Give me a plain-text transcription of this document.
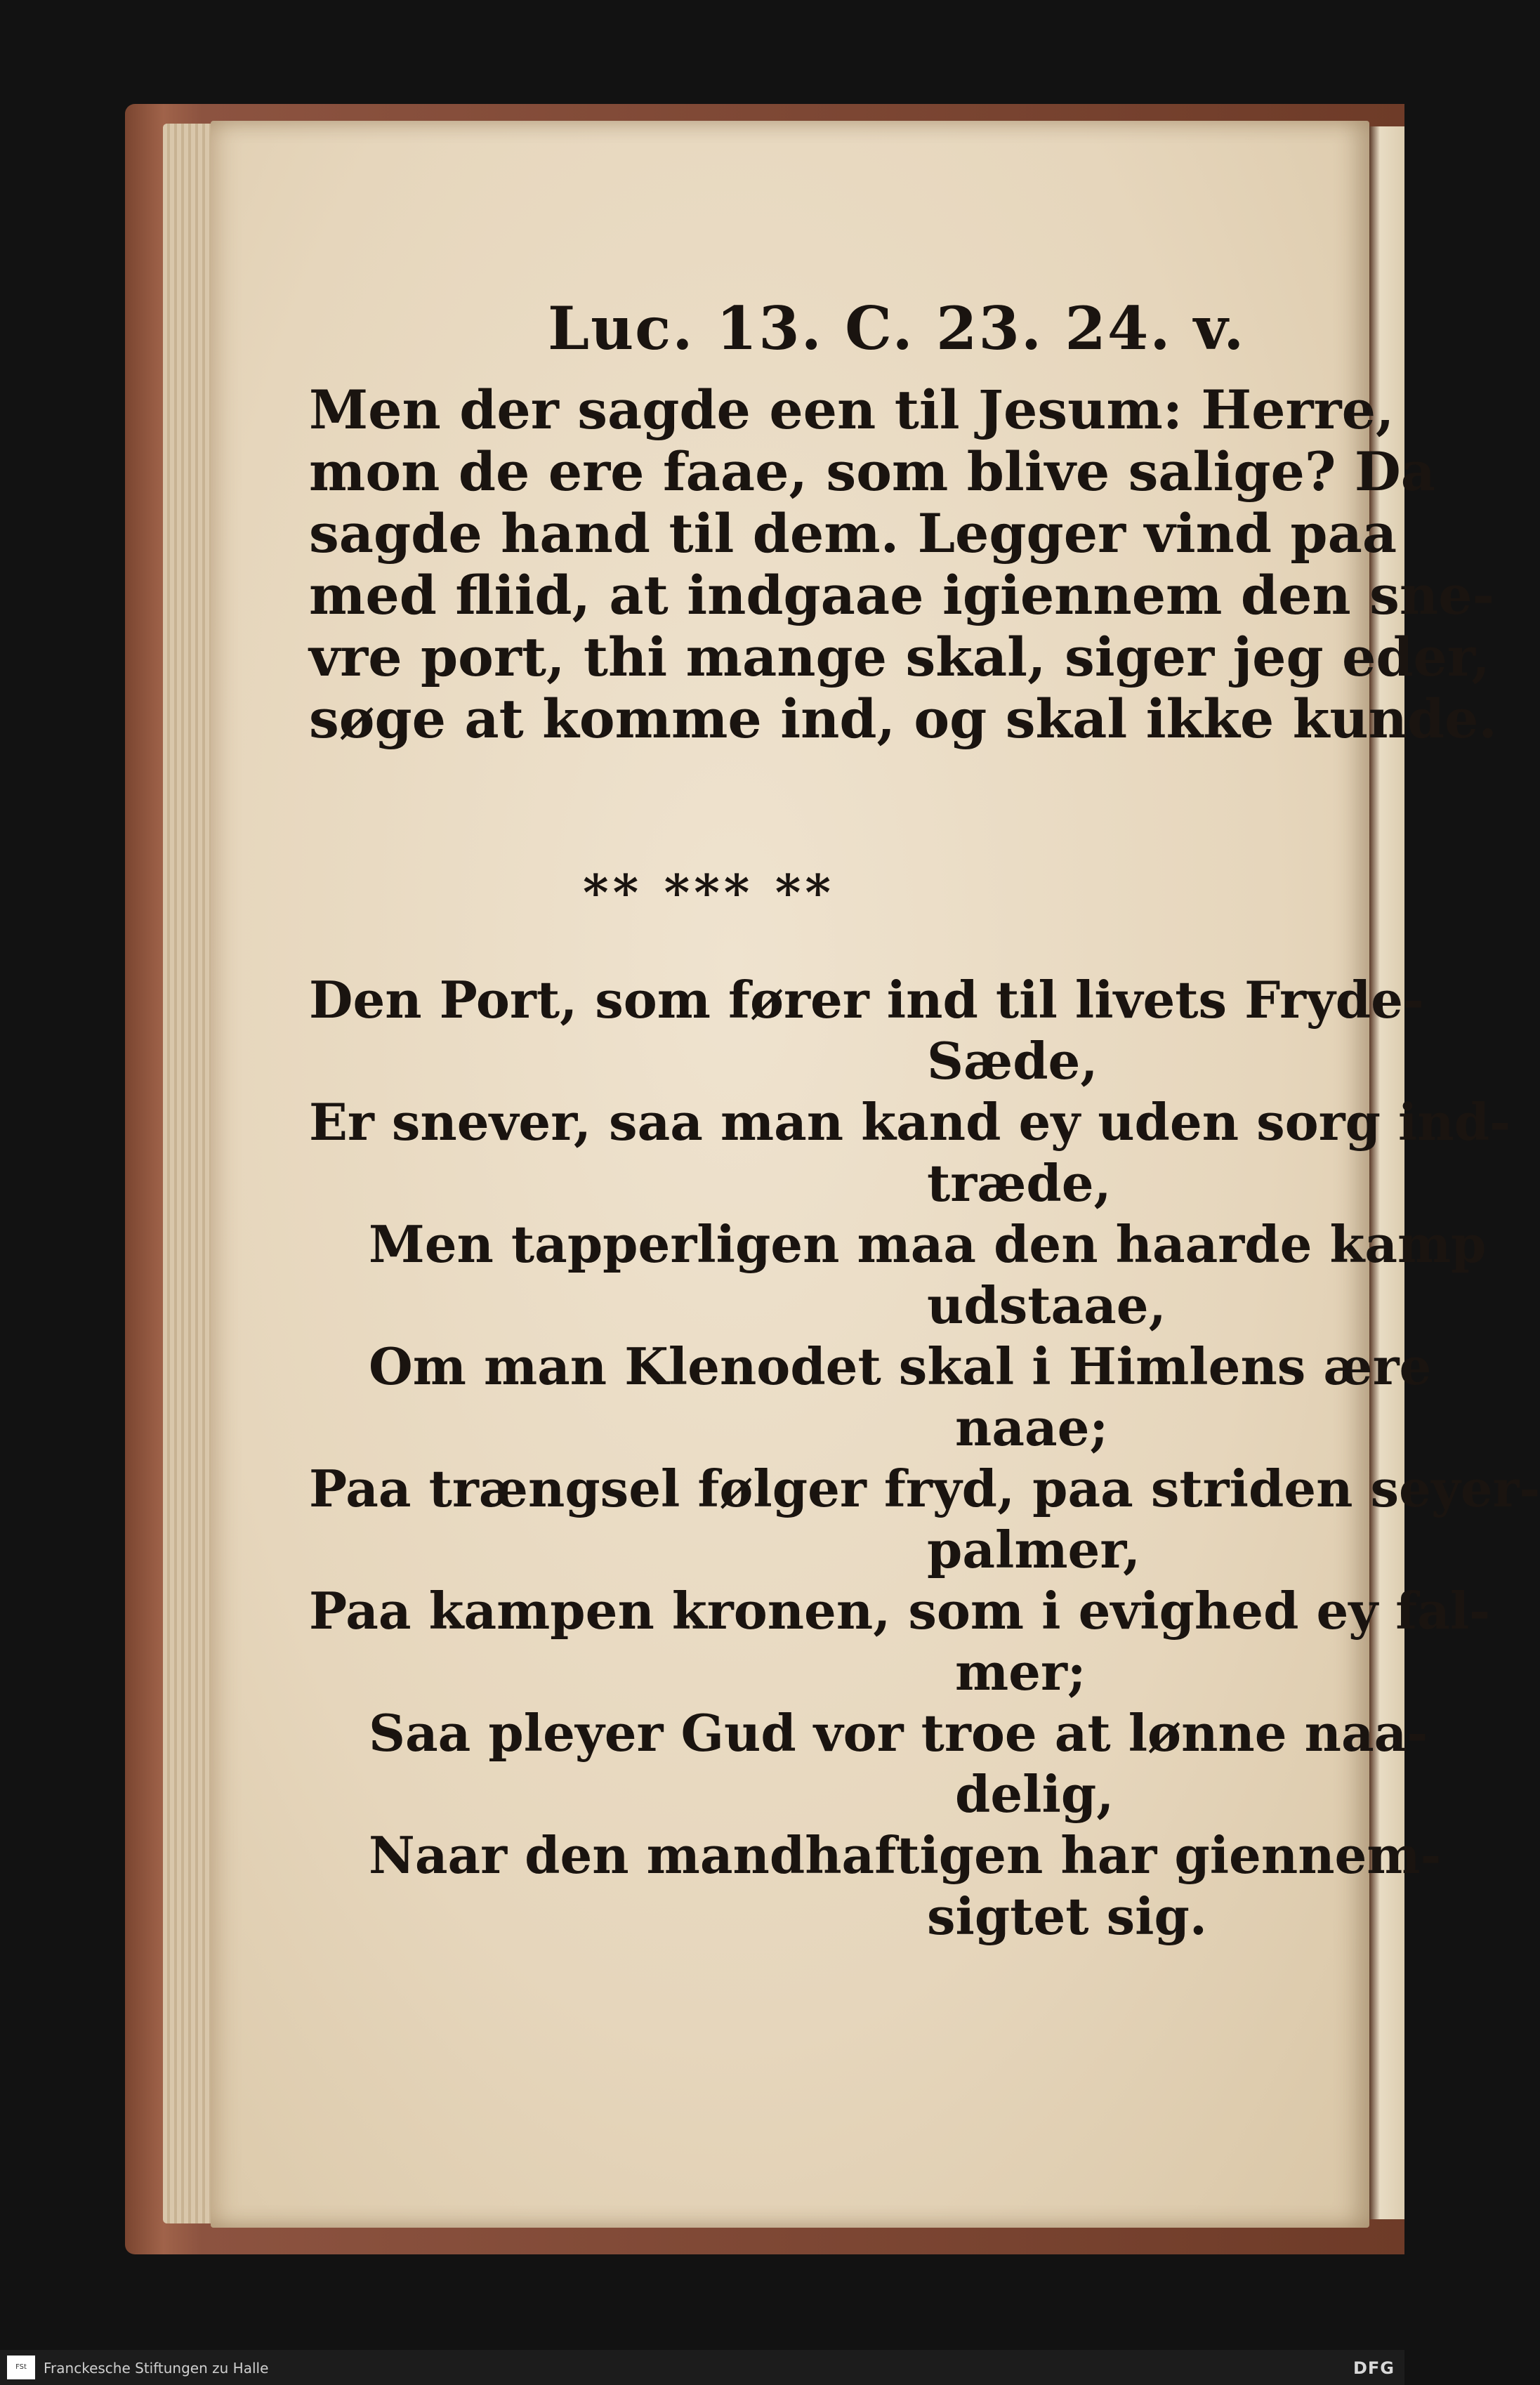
Luc. 13. C. 23. 24. v.
Men der sagde een til Jesum: Herre,
mon de ere faae, som blive salige? Da
sagde hand til dem. Legger vind paa
med fliid, at indgaae igiennem den sne-
vre port, thi mange skal, siger jeg eder,
søge at komme ind, og skal ikke kunde.
⁎⁎ ⁎⁎⁎ ⁎⁎
Den Port, som fører ind til livets Fryde-
Sæde,
Er snever, saa man kand ey uden sorg ind-
træde,
Men tapperligen maa den haarde kamp
udstaae,
Om man Klenodet skal i Himlens ære
naae;
Paa trængsel følger fryd, paa striden seyer-
palmer,
Paa kampen kronen, som i evighed ey fal-
mer;
Saa pleyer Gud vor troe at lønne naa-
delig,
Naar den mandhaftigen har giennem-
sigtet sig.
FSt	Franckesche Stiftungen zu Halle	DFG
